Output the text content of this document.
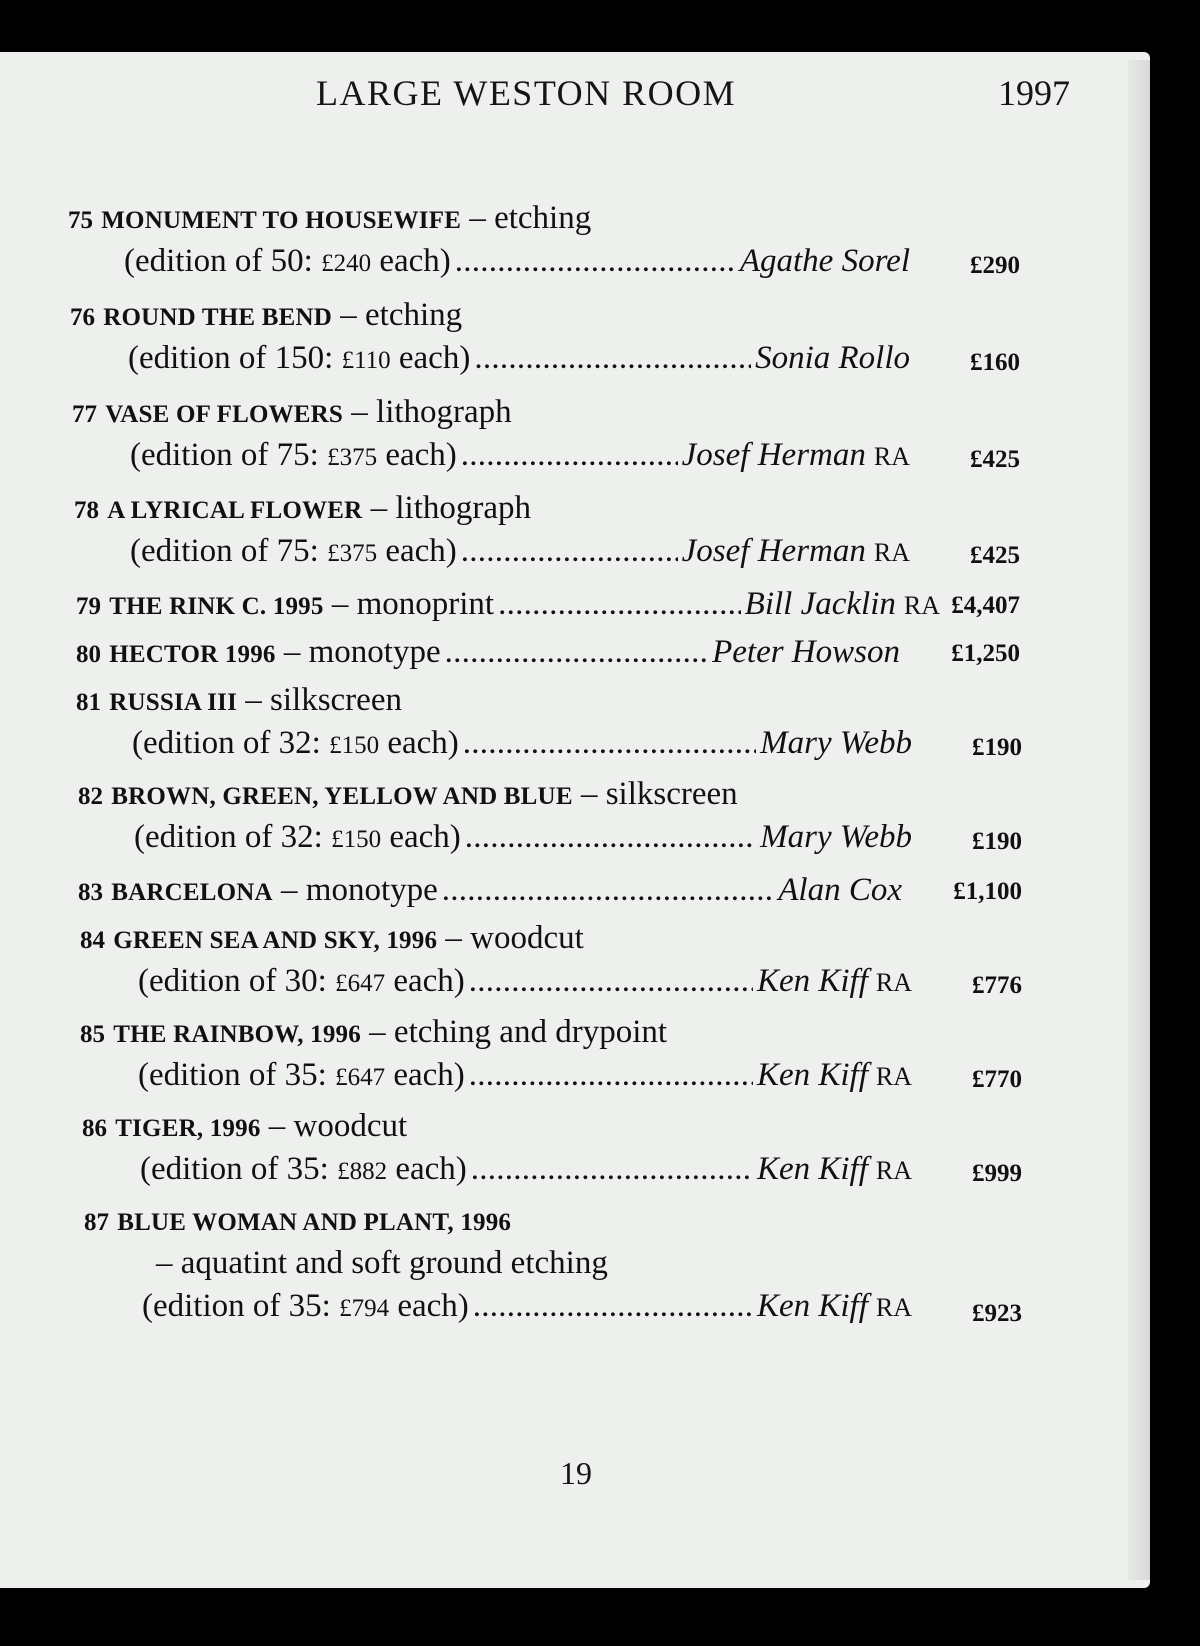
LARGE WESTON ROOM	1997
75 MONUMENT TO HOUSEWIFE – etching
(edition of 50: £240 each) . . .	Agathe Sorel £290
76 ROUND THE BEND – etching
(edition of 150: £110 each) . . .	Sonia Rollo £160
77 VASE OF FLOWERS – lithograph
(edition of 75: £375 each) . . .	Josef Herman RA £425
78 A LYRICAL FLOWER – lithograph
(edition of 75: £375 each) . . .	Josef Herman RA £425
79 THE RINK C. 1995 – monoprint . . .	Bill Jacklin RA £4,407
80 HECTOR 1996 – monotype . . .	Peter Howson £1,250
81 RUSSIA III – silkscreen
(edition of 32: £150 each) . . .	Mary Webb £190
82 BROWN, GREEN, YELLOW AND BLUE – silkscreen
(edition of 32: £150 each) . . .	Mary Webb £190
83 BARCELONA – monotype . . .	Alan Cox £1,100
84 GREEN SEA AND SKY, 1996 – woodcut
(edition of 30: £647 each) . . .	Ken Kiff RA £776
85 THE RAINBOW, 1996 – etching and drypoint
(edition of 35: £647 each) . . .	Ken Kiff RA £770
86 TIGER, 1996 – woodcut
(edition of 35: £882 each) . . .	Ken Kiff RA £999
87 BLUE WOMAN AND PLANT, 1996
– aquatint and soft ground etching
(edition of 35: £794 each) . . .	Ken Kiff RA £923
19
